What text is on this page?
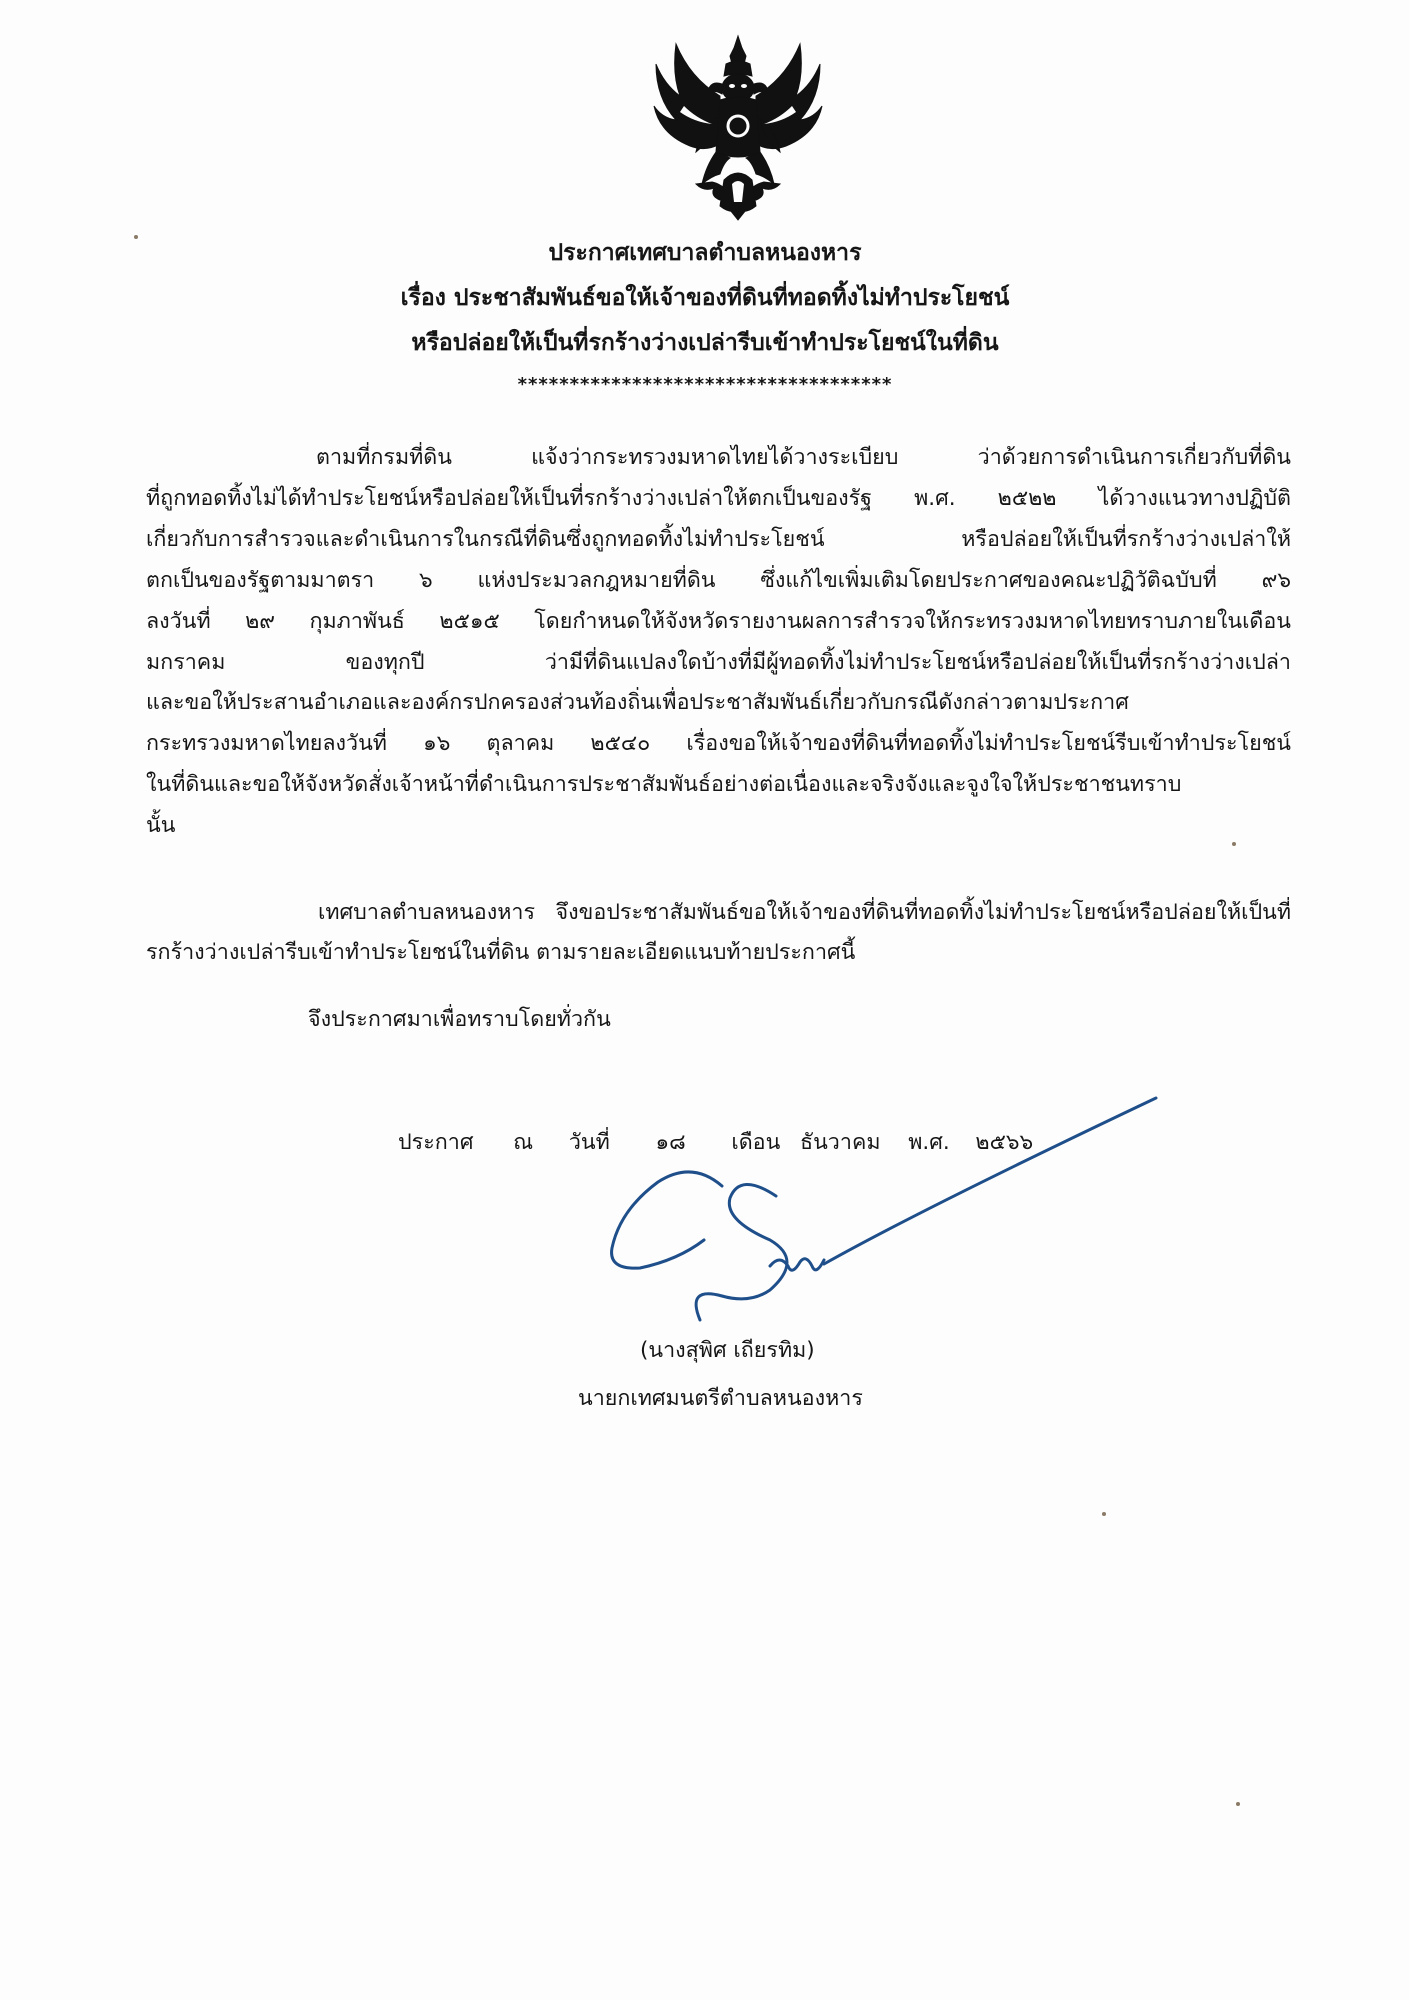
ประกาศเทศบาลตำบลหนองหาร
เรื่อง ประชาสัมพันธ์ขอให้เจ้าของที่ดินที่ทอดทิ้งไม่ทำประโยชน์
หรือปล่อยให้เป็นที่รกร้างว่างเปล่ารีบเข้าทำประโยชน์ในที่ดิน
************************************
ตามที่กรมที่ดิน แจ้งว่ากระทรวงมหาดไทยได้วางระเบียบ ว่าด้วยการดำเนินการเกี่ยวกับที่ดิน
ที่ถูกทอดทิ้งไม่ได้ทำประโยชน์หรือปล่อยให้เป็นที่รกร้างว่างเปล่าให้ตกเป็นของรัฐ พ.ศ. ๒๕๒๒ ได้วางแนวทางปฏิบัติ
เกี่ยวกับการสำรวจและดำเนินการในกรณีที่ดินซึ่งถูกทอดทิ้งไม่ทำประโยชน์ หรือปล่อยให้เป็นที่รกร้างว่างเปล่าให้
ตกเป็นของรัฐตามมาตรา ๖ แห่งประมวลกฎหมายที่ดิน ซึ่งแก้ไขเพิ่มเติมโดยประกาศของคณะปฏิวัติฉบับที่ ๙๖
ลงวันที่ ๒๙ กุมภาพันธ์ ๒๕๑๕ โดยกำหนดให้จังหวัดรายงานผลการสำรวจให้กระทรวงมหาดไทยทราบภายในเดือน
มกราคม ของทุกปี ว่ามีที่ดินแปลงใดบ้างที่มีผู้ทอดทิ้งไม่ทำประโยชน์หรือปล่อยให้เป็นที่รกร้างว่างเปล่า
และขอให้ประสานอำเภอและองค์กรปกครองส่วนท้องถิ่นเพื่อประชาสัมพันธ์เกี่ยวกับกรณีดังกล่าวตามประกาศ
กระทรวงมหาดไทยลงวันที่ ๑๖ ตุลาคม ๒๕๔๐ เรื่องขอให้เจ้าของที่ดินที่ทอดทิ้งไม่ทำประโยชน์รีบเข้าทำประโยชน์
ในที่ดินและขอให้จังหวัดสั่งเจ้าหน้าที่ดำเนินการประชาสัมพันธ์อย่างต่อเนื่องและจริงจังและจูงใจให้ประชาชนทราบ
นั้น
เทศบาลตำบลหนองหาร จึงขอประชาสัมพันธ์ขอให้เจ้าของที่ดินที่ทอดทิ้งไม่ทำประโยชน์หรือปล่อยให้เป็นที่รกร้างว่างเปล่ารีบเข้าทำประโยชน์ในที่ดิน ตามรายละเอียดแนบท้ายประกาศนี้
จึงประกาศมาเพื่อทราบโดยทั่วกัน
ประกาศ ณ วันที่ ๑๘ เดือน ธันวาคม พ.ศ. ๒๕๖๖
(นางสุพิศ เถียรทิม)
นายกเทศมนตรีตำบลหนองหาร
